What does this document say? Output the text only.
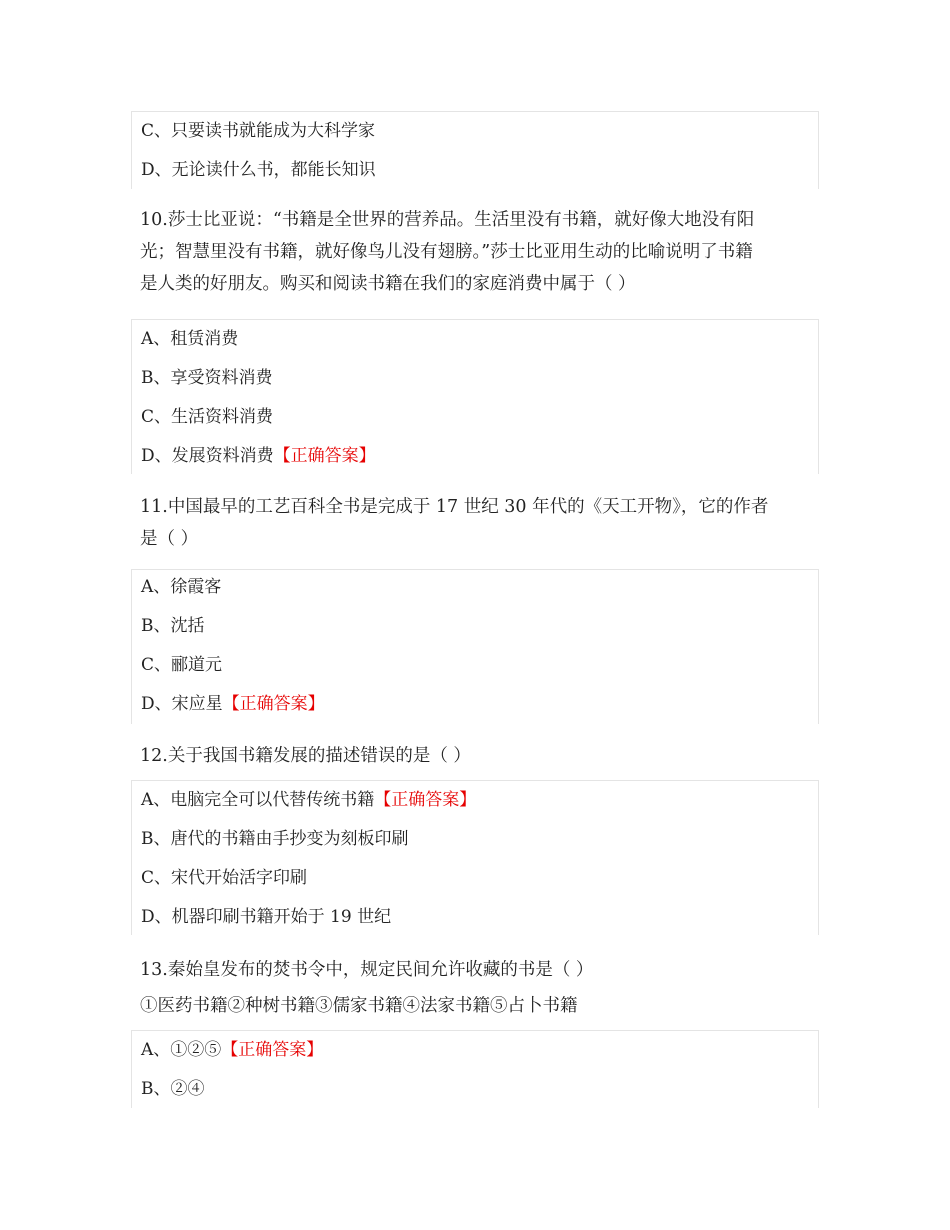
C、只要读书就能成为大科学家
D、无论读什么书，都能长知识
10.莎士比亚说：“书籍是全世界的营养品。生活里没有书籍，就好像大地没有阳
光；智慧里没有书籍，就好像鸟儿没有翅膀。”莎士比亚用生动的比喻说明了书籍
是人类的好朋友。购买和阅读书籍在我们的家庭消费中属于（ ）
A、租赁消费
B、享受资料消费
C、生活资料消费
D、发展资料消费【正确答案】
11.中国最早的工艺百科全书是完成于 17 世纪 30 年代的《天工开物》，它的作者
是（ ）
A、徐霞客
B、沈括
C、郦道元
D、宋应星【正确答案】
12.关于我国书籍发展的描述错误的是（ ）
A、电脑完全可以代替传统书籍【正确答案】
B、唐代的书籍由手抄变为刻板印刷
C、宋代开始活字印刷
D、机器印刷书籍开始于 19 世纪
13.秦始皇发布的焚书令中，规定民间允许收藏的书是（ ）
①医药书籍②种树书籍③儒家书籍④法家书籍⑤占卜书籍
A、①②⑤【正确答案】
B、②④
